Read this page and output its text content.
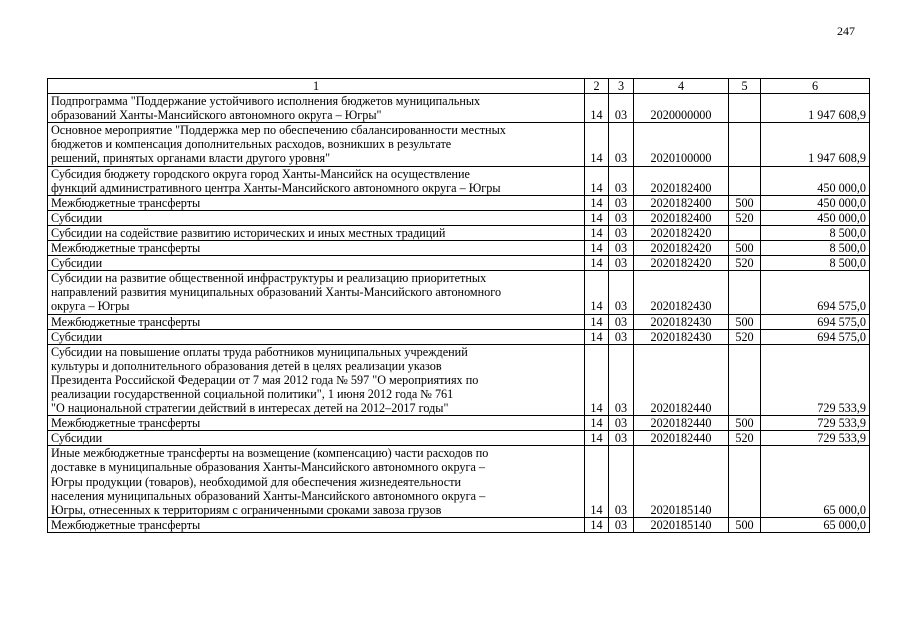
247
1	2	3	4	5	6
Подпрограмма "Поддержание устойчивого исполнения бюджетов муниципальных
образований Ханты-Мансийского автономного округа – Югры"	14	03	2020000000		1 947 608,9
Основное мероприятие "Поддержка мер по обеспечению сбалансированности местных
бюджетов и компенсация дополнительных расходов, возникших в результате
решений, принятых органами власти другого уровня"	14	03	2020100000		1 947 608,9
Субсидия бюджету городского округа город Ханты-Мансийск на осуществление
функций административного центра Ханты-Мансийского автономного округа – Югры	14	03	2020182400		450 000,0
Межбюджетные трансферты	14	03	2020182400	500	450 000,0
Субсидии	14	03	2020182400	520	450 000,0
Субсидии на содействие развитию исторических и иных местных традиций	14	03	2020182420		8 500,0
Межбюджетные трансферты	14	03	2020182420	500	8 500,0
Субсидии	14	03	2020182420	520	8 500,0
Субсидии на развитие общественной инфраструктуры и реализацию приоритетных
направлений развития муниципальных образований Ханты-Мансийского автономного
округа – Югры	14	03	2020182430		694 575,0
Межбюджетные трансферты	14	03	2020182430	500	694 575,0
Субсидии	14	03	2020182430	520	694 575,0
Субсидии на повышение оплаты труда работников муниципальных учреждений
культуры и дополнительного образования детей в целях реализации указов
Президента Российской Федерации от 7 мая 2012 года № 597 "О мероприятиях по
реализации государственной социальной политики", 1 июня 2012 года № 761
"О национальной стратегии действий в интересах детей на 2012–2017 годы"	14	03	2020182440		729 533,9
Межбюджетные трансферты	14	03	2020182440	500	729 533,9
Субсидии	14	03	2020182440	520	729 533,9
Иные межбюджетные трансферты на возмещение (компенсацию) части расходов по
доставке в муниципальные образования Ханты-Мансийского автономного округа –
Югры продукции (товаров), необходимой для обеспечения жизнедеятельности
населения муниципальных образований Ханты-Мансийского автономного округа –
Югры, отнесенных к территориям с ограниченными сроками завоза грузов	14	03	2020185140		65 000,0
Межбюджетные трансферты	14	03	2020185140	500	65 000,0
